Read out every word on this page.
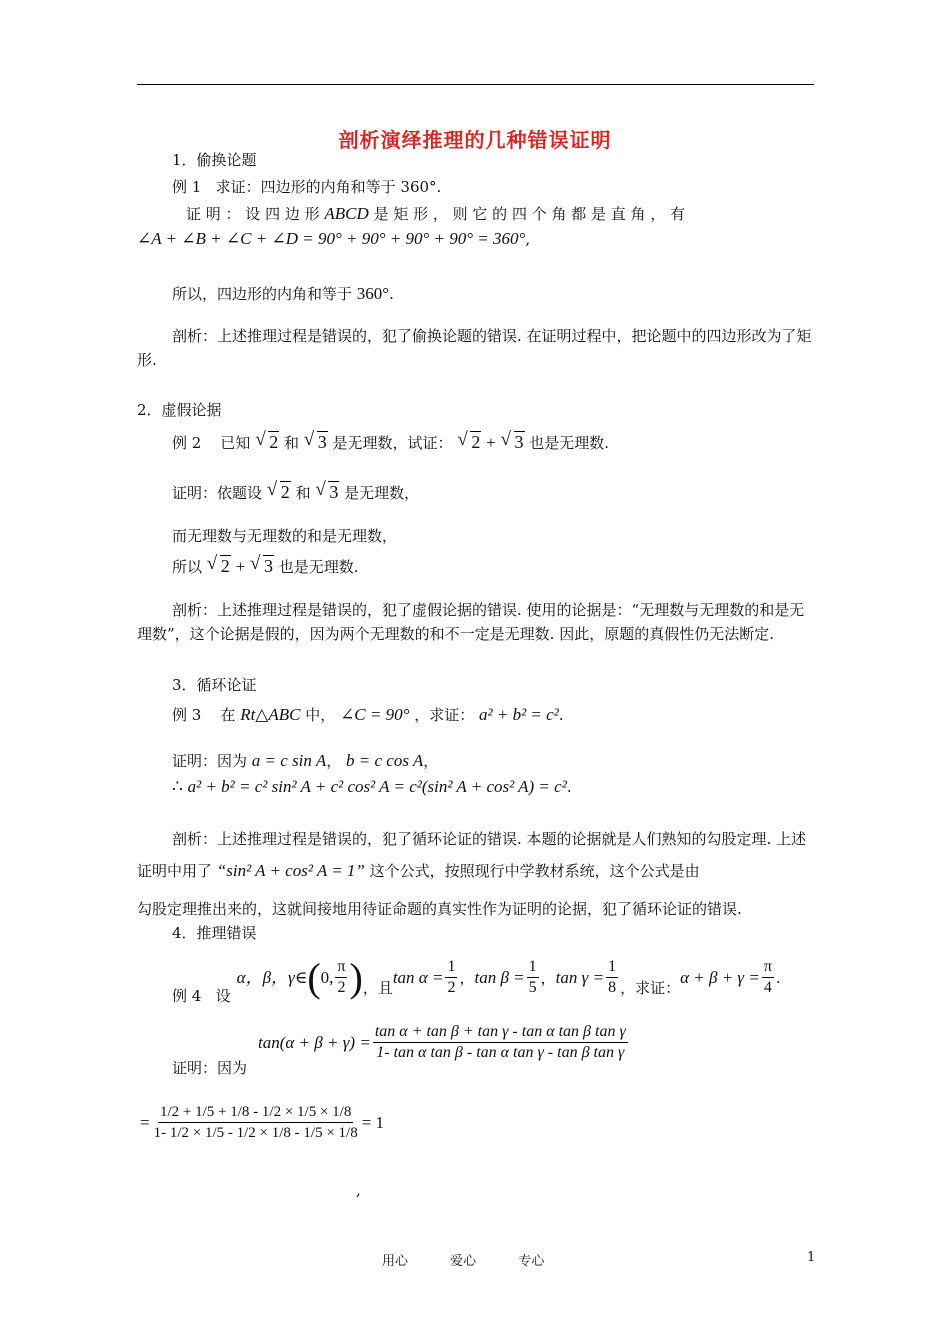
剖析演绎推理的几种错误证明
1．偷换论题
例 1 求证：四边形的内角和等于 360°.
证 明 ： 设 四 边 形 ABCD 是 矩 形 ， 则 它 的 四 个 角 都 是 直 角 ， 有
∠A + ∠B + ∠C + ∠D = 90° + 90° + 90° + 90° = 360°,
所以，四边形的内角和等于 360°.
剖析：上述推理过程是错误的，犯了偷换论题的错误. 在证明过程中，把论题中的四边形改为了矩形.
2．虚假论据
例 2 已知 √ 2 和 √ 3 是无理数，试证： √ 2 + √ 3 也是无理数.
证明：依题设 √ 2 和 √ 3 是无理数，
而无理数与无理数的和是无理数，
所以 √ 2 + √ 3 也是无理数.
剖析：上述推理过程是错误的，犯了虚假论据的错误. 使用的论据是：“无理数与无理数的和是无理数”，这个论据是假的，因为两个无理数的和不一定是无理数. 因此，原题的真假性仍无法断定.
3．循环论证
例 3 在 Rt△ABC 中， ∠C = 90° ，求证： a² + b² = c².
证明：因为 a = c sin A， b = c cos A，
∴ a² + b² = c² sin² A + c² cos² A = c²(sin² A + cos² A) = c².
剖析：上述推理过程是错误的，犯了循环论证的错误. 本题的论据就是人们熟知的勾股定理. 上述证明中用了 “sin² A + cos² A = 1” 这个公式，按照现行中学教材系统，这个公式是由
勾股定理推出来的，这就间接地用待证命题的真实性作为证明的论据，犯了循环论证的错误.
4．推理错误
例 4
设
α，β，γ∈ ( 0, $\frac{\pi}{2}$ ) ，且
$\tan \alpha = \frac{1}{2}$ ， $\tan \beta = \frac{1}{5}$ ， $\tan \gamma = \frac{1}{8}$ ，求证：
$\alpha + \beta + \gamma = \frac{\pi}{4}$ .
$\tan(\alpha + \beta + \gamma) = \frac{\text{tan α + tan β + tan γ - tan α tan β tan γ}}{\text{1- tan α tan β - tan α tan γ - tan β tan γ}}$
证明：因为
= $\frac{1/2 + 1/5 + 1/8 - 1/2 \times 1/5 \times 1/8}{1- 1/2 \times 1/5 - 1/2 \times 1/8 - 1/5 \times 1/8} = 1$
,
用心	爱心	专心	1
